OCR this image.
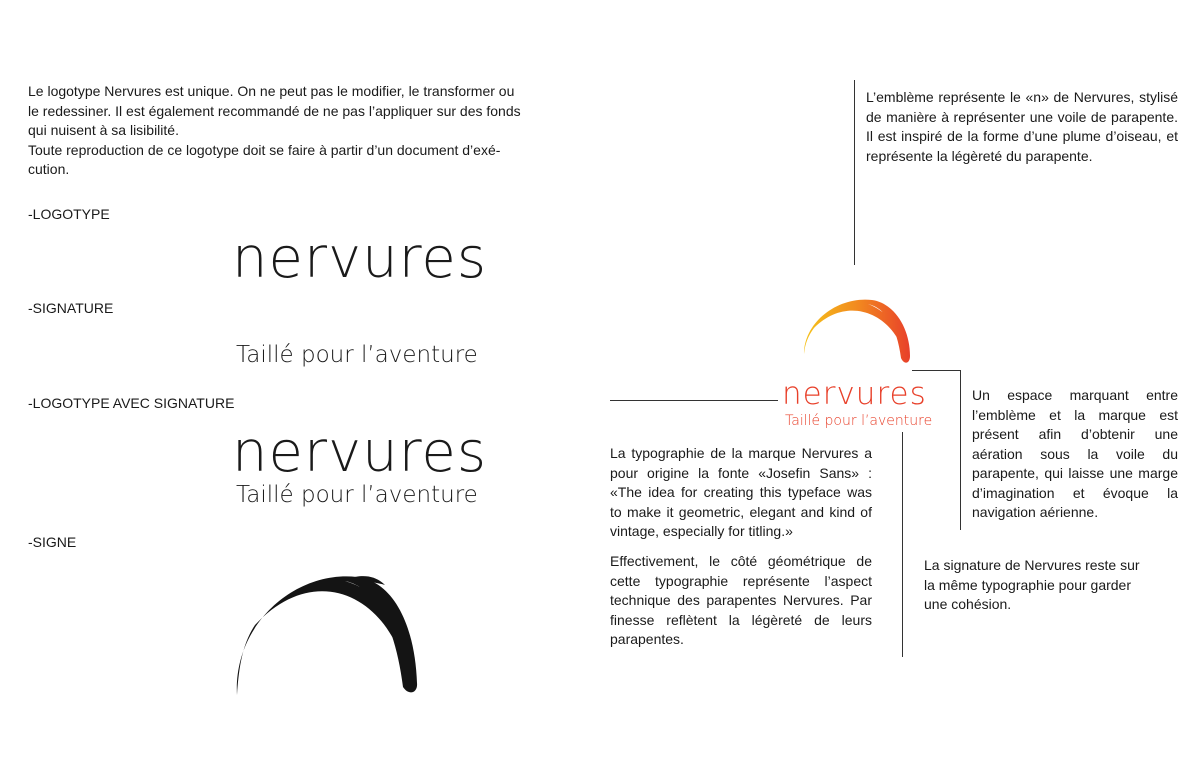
Le logotype Nervures est unique. On ne peut pas le modifier, le transformer ou
le redessiner. Il est également recommandé de ne pas l’appliquer sur des fonds
qui nuisent à sa lisibilité.
Toute reproduction de ce logotype doit se faire à partir d’un document d’exé-
cution.
-LOGOTYPE
nervures
-SIGNATURE
Taillé pour l’aventure
-LOGOTYPE AVEC SIGNATURE
nervures
Taillé pour l’aventure
-SIGNE

L’emblème représente le «n» de Nervures, stylisé de manière à représenter une voile de parapente. Il est inspiré de la forme d’une plume d’oiseau, et représente la légèreté du parapente.

nervures
Taillé pour l’aventure

La typographie de la marque Nervures a pour origine la fonte «Josefin Sans» : «The idea for creating this typeface was to make it geometric, elegant and kind of vintage, especially for titling.»

Effectivement, le côté géométrique de cette typographie représente l’aspect technique des parapentes Nervures. Par finesse reflètent la légèreté de leurs parapentes.

Un espace marquant entre l’emblème et la marque est présent afin d’obtenir une aération sous la voile du parapente, qui laisse une marge d’imagination et évoque la navigation aérienne.

La signature de Nervures reste sur la même typographie pour garder une cohésion.
